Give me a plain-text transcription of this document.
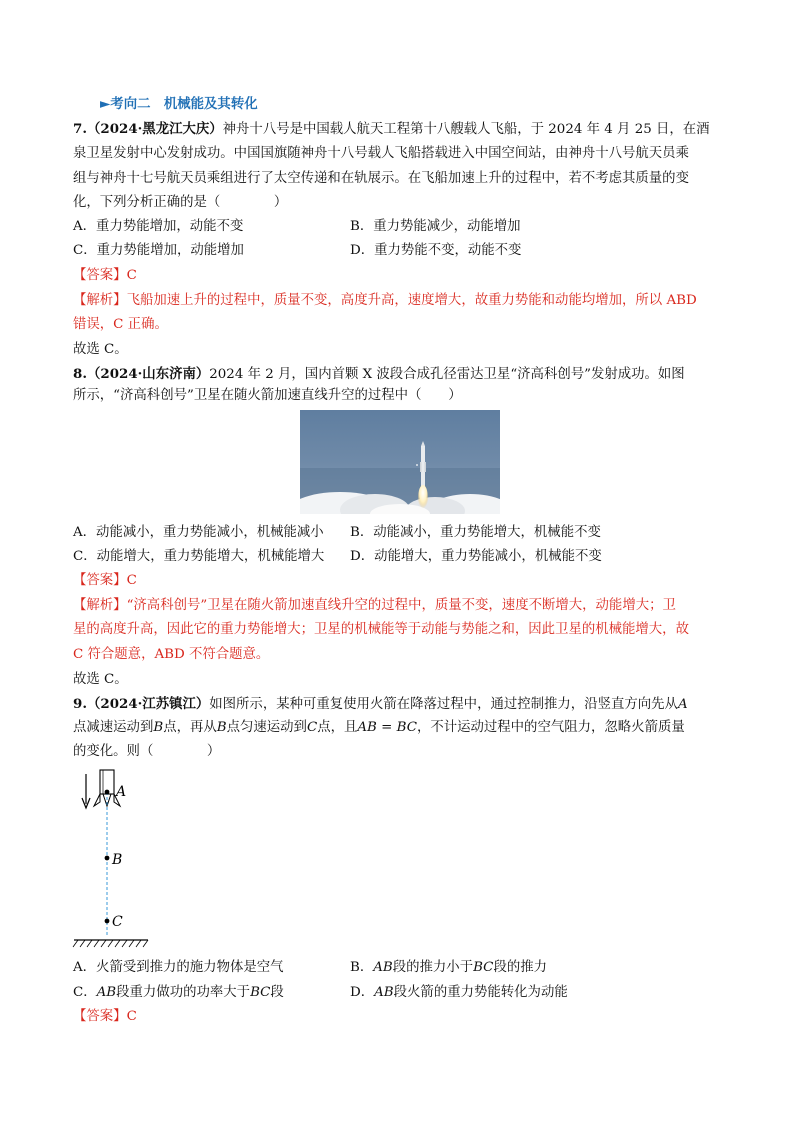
►考向二　机械能及其转化
7.（2024·黑龙江大庆）神舟十八号是中国载人航天工程第十八艘载人飞船，于 2024 年 4 月 25 日，在酒
泉卫星发射中心发射成功。中国国旗随神舟十八号载人飞船搭载进入中国空间站，由神舟十八号航天员乘
组与神舟十七号航天员乘组进行了太空传递和在轨展示。在飞船加速上升的过程中，若不考虑其质量的变
化，下列分析正确的是（　　　　）
A．重力势能增加，动能不变	B．重力势能减少，动能增加
C．重力势能增加，动能增加	D．重力势能不变，动能不变
【答案】C
【解析】飞船加速上升的过程中，质量不变，高度升高，速度增大，故重力势能和动能均增加，所以 ABD
错误，C 正确。
故选 C。
8.（2024·山东济南）2024 年 2 月，国内首颗 X 波段合成孔径雷达卫星“济高科创号”发射成功。如图
所示，“济高科创号”卫星在随火箭加速直线升空的过程中（　　）
A．动能减小，重力势能减小，机械能减小 B．动能减小，重力势能增大，机械能不变
C．动能增大，重力势能增大，机械能增大 D．动能增大，重力势能减小，机械能不变
【答案】C
【解析】“济高科创号”卫星在随火箭加速直线升空的过程中，质量不变，速度不断增大，动能增大；卫
星的高度升高，因此它的重力势能增大；卫星的机械能等于动能与势能之和，因此卫星的机械能增大，故
C 符合题意，ABD 不符合题意。
故选 C。
9.（2024·江苏镇江）如图所示，某种可重复使用火箭在降落过程中，通过控制推力，沿竖直方向先从A
点减速运动到B点，再从B点匀速运动到C点，且AB = BC，不计运动过程中的空气阻力，忽略火箭质量
的变化。则（　　　　）
A
B
C
A．火箭受到推力的施力物体是空气	B．AB段的推力小于BC段的推力
C．AB段重力做功的功率大于BC段	D．AB段火箭的重力势能转化为动能
【答案】C
